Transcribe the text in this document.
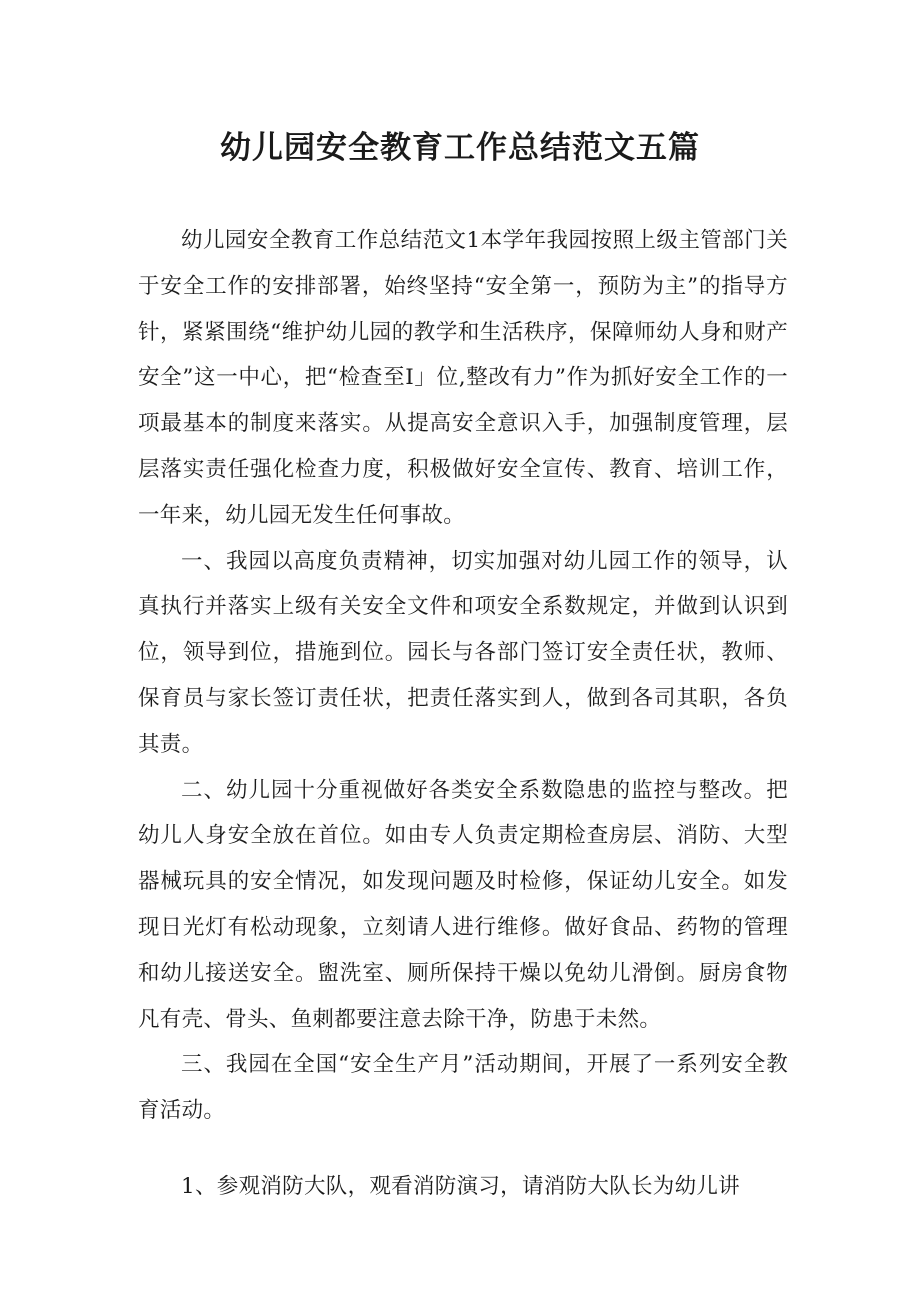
幼儿园安全教育工作总结范文五篇

幼儿园安全教育工作总结范文1本学年我园按照上级主管部门关于安全工作的安排部署，始终坚持“安全第一，预防为主”的指导方针，紧紧围绕“维护幼儿园的教学和生活秩序，保障师幼人身和财产安全”这一中心，把“检查至I」位,整改有力”作为抓好安全工作的一项最基本的制度来落实。从提高安全意识入手，加强制度管理，层层落实责任强化检查力度，积极做好安全宣传、教育、培训工作，一年来，幼儿园无发生任何事故。

一、我园以高度负责精神，切实加强对幼儿园工作的领导，认真执行并落实上级有关安全文件和项安全系数规定，并做到认识到位，领导到位，措施到位。园长与各部门签订安全责任状，教师、保育员与家长签订责任状，把责任落实到人，做到各司其职，各负其责。

二、幼儿园十分重视做好各类安全系数隐患的监控与整改。把幼儿人身安全放在首位。如由专人负责定期检查房层、消防、大型器械玩具的安全情况，如发现问题及时检修，保证幼儿安全。如发现日光灯有松动现象，立刻请人进行维修。做好食品、药物的管理和幼儿接送安全。盥洗室、厕所保持干燥以免幼儿滑倒。厨房食物凡有壳、骨头、鱼刺都要注意去除干净，防患于未然。

三、我园在全国“安全生产月”活动期间，开展了一系列安全教育活动。

1、参观消防大队，观看消防演习，请消防大队长为幼儿讲
